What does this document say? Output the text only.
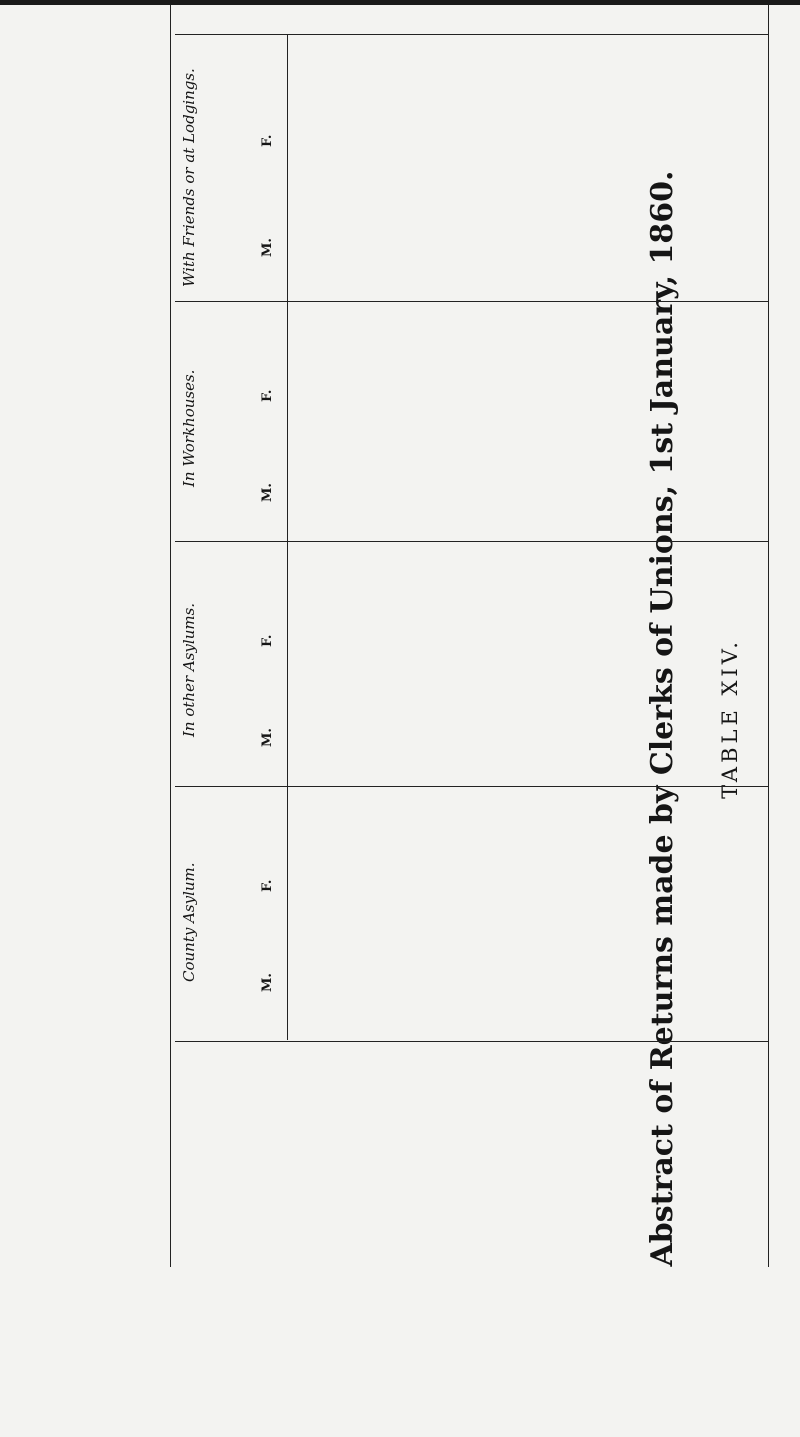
TABLE XIV.
Abstract of Returns made by Clerks of Unions, 1st January, 1860.
County Asylum.
In other Asylums.
In Workhouses.
With Friends or at Lodgings.
M.
F.
M.
F.
M.
F.
M.
F.
